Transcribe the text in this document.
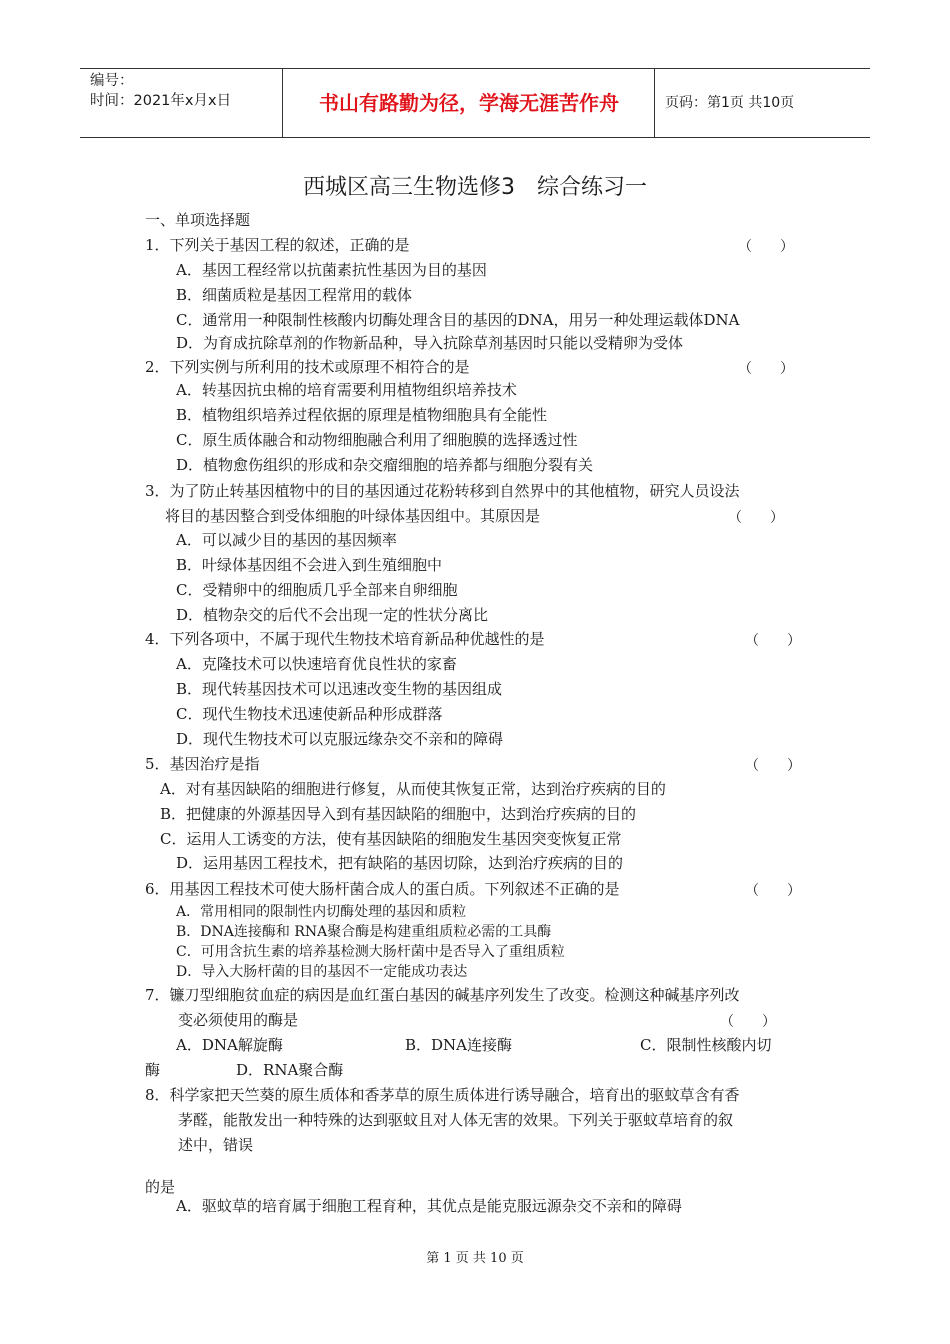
编号：
时间：2021年x月x日	书山有路勤为径，学海无涯苦作舟	页码：第1页 共10页
西城区高三生物选修3　综合练习一
一、单项选择题
1．下列关于基因工程的叙述，正确的是	（　　）
A．基因工程经常以抗菌素抗性基因为目的基因
B．细菌质粒是基因工程常用的载体
C．通常用一种限制性核酸内切酶处理含目的基因的DNA，用另一种处理运载体DNA
D．为育成抗除草剂的作物新品种，导入抗除草剂基因时只能以受精卵为受体
2．下列实例与所利用的技术或原理不相符合的是	（　　）
A．转基因抗虫棉的培育需要利用植物组织培养技术
B．植物组织培养过程依据的原理是植物细胞具有全能性
C．原生质体融合和动物细胞融合利用了细胞膜的选择透过性
D．植物愈伤组织的形成和杂交瘤细胞的培养都与细胞分裂有关
3．为了防止转基因植物中的目的基因通过花粉转移到自然界中的其他植物，研究人员设法
将目的基因整合到受体细胞的叶绿体基因组中。其原因是	（　　）
A．可以减少目的基因的基因频率
B．叶绿体基因组不会进入到生殖细胞中
C．受精卵中的细胞质几乎全部来自卵细胞
D．植物杂交的后代不会出现一定的性状分离比
4．下列各项中，不属于现代生物技术培育新品种优越性的是	（　　）
A．克隆技术可以快速培育优良性状的家畜
B．现代转基因技术可以迅速改变生物的基因组成
C．现代生物技术迅速使新品种形成群落
D．现代生物技术可以克服远缘杂交不亲和的障碍
5．基因治疗是指	（　　）
A．对有基因缺陷的细胞进行修复，从而使其恢复正常，达到治疗疾病的目的
B．把健康的外源基因导入到有基因缺陷的细胞中，达到治疗疾病的目的
C．运用人工诱变的方法，使有基因缺陷的细胞发生基因突变恢复正常
D．运用基因工程技术，把有缺陷的基因切除，达到治疗疾病的目的
6．用基因工程技术可使大肠杆菌合成人的蛋白质。下列叙述不正确的是	（　　）
A．常用相同的限制性内切酶处理的基因和质粒
B．DNA连接酶和 RNA聚合酶是构建重组质粒必需的工具酶
C．可用含抗生素的培养基检测大肠杆菌中是否导入了重组质粒
D．导入大肠杆菌的目的基因不一定能成功表达
7．镰刀型细胞贫血症的病因是血红蛋白基因的碱基序列发生了改变。检测这种碱基序列改
变必须使用的酶是	（　　）
A．DNA解旋酶	B．DNA连接酶	C．限制性核酸内切
酶	D．RNA聚合酶
8．科学家把天竺葵的原生质体和香茅草的原生质体进行诱导融合，培育出的驱蚊草含有香
茅醛，能散发出一种特殊的达到驱蚊且对人体无害的效果。下列关于驱蚊草培育的叙
述中，错误
的是
A．驱蚊草的培育属于细胞工程育种，其优点是能克服远源杂交不亲和的障碍
第 1 页 共 10 页
